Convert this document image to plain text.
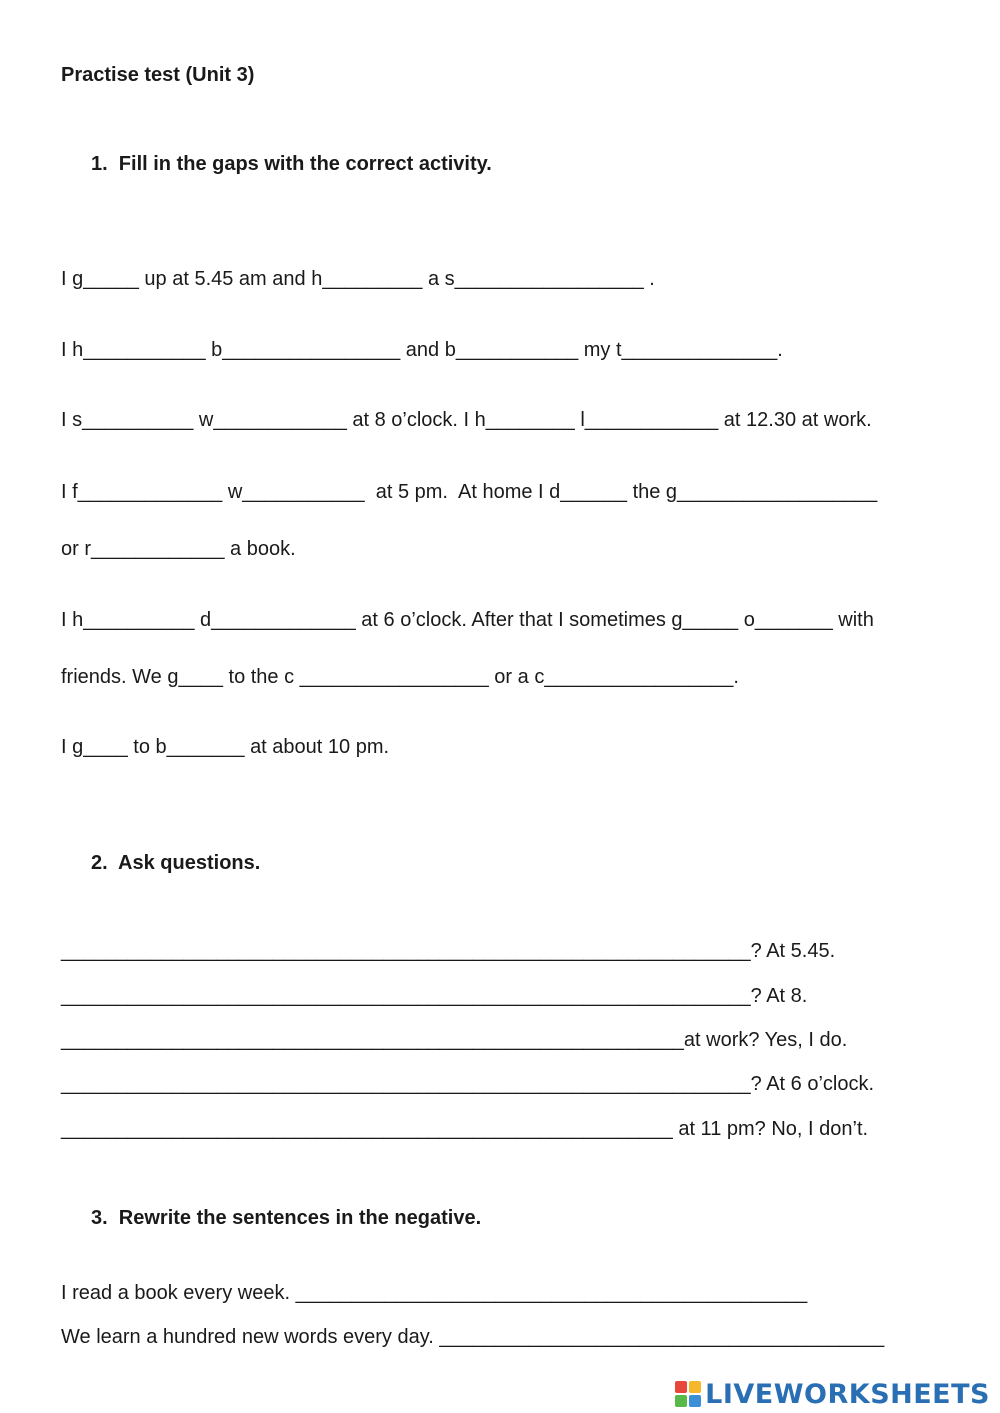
Practise test (Unit 3)
1.  Fill in the gaps with the correct activity.
I g_____ up at 5.45 am and h_________ a s_________________ .
I h___________ b________________ and b___________ my t______________.
I s__________ w____________ at 8 o’clock. I h________ l____________ at 12.30 at work.
I f_____________ w___________  at 5 pm.  At home I d______ the g__________________
or r____________ a book.
I h__________ d_____________ at 6 o’clock. After that I sometimes g_____ o_______ with
friends. We g____ to the c _________________ or a c_________________.
I g____ to b_______ at about 10 pm.
2.  Ask questions.
______________________________________________________________? At 5.45.
______________________________________________________________? At 8.
________________________________________________________at work? Yes, I do.
______________________________________________________________? At 6 o’clock.
_______________________________________________________ at 11 pm? No, I don’t.
3.  Rewrite the sentences in the negative.
I read a book every week. ______________________________________________
We learn a hundred new words every day. ________________________________________
LIVEWORKSHEETS
